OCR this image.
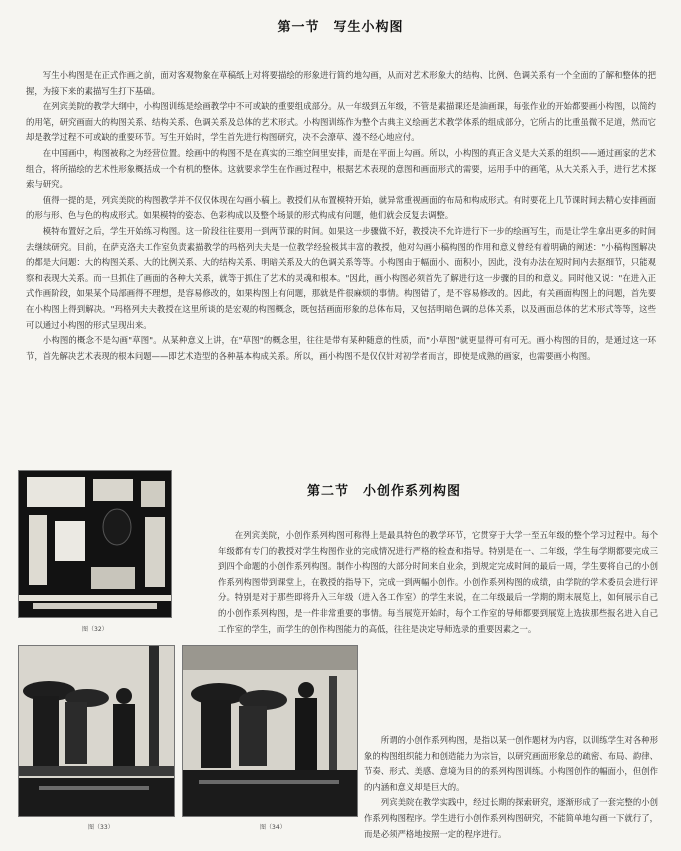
第一节 写生小构图

写生小构图是在正式作画之前，面对客观物象在草稿纸上对将要描绘的形象进行简约地勾画，从而对艺术形象大的结构、比例、色调关系有一个全面的了解和整体的把握，为接下来的素描写生打下基础。

在列宾美院的教学大纲中，小构图训练是绘画教学中不可或缺的重要组成部分。从一年级到五年级，不管是素描课还是油画课，每张作业的开始都要画小构图，以简约的用笔，研究画面大的构图关系、结构关系、色调关系及总体的艺术形式。小构图训练作为整个古典主义绘画艺术教学体系的组成部分，它所占的比重虽微不足道，然而它却是教学过程不可或缺的重要环节。写生开始时，学生首先进行构图研究，决不会潦草、漫不经心地应付。

在中国画中，构图被称之为经营位置。绘画中的构图不是在真实的三维空间里安排，而是在平面上勾画。所以，小构图的真正含义是大关系的组织——通过画家的艺术组合，将所描绘的艺术性形象概括成一个有机的整体。这就要求学生在作画过程中，根据艺术表现的意图和画面形式的需要，运用手中的画笔，从大关系入手，进行艺术探索与研究。

值得一提的是，列宾美院的构图教学并不仅仅体现在勾画小稿上。教授们从布置模特开始，就异常重视画面的布局和构成形式。有时要花上几节课时间去精心安排画面的形与形、色与色的构成形式。如果模特的姿态、色彩构成以及整个场景的形式构成有问题，他们就会反复去调整。

模特布置好之后，学生开始练习构图。这一阶段往往要用一到两节课的时间。如果这一步骤做不好，教授决不允许进行下一步的绘画写生，而是让学生拿出更多的时间去继续研究。目前，在萨克洛夫工作室负责素描教学的玛格列夫夫是一位教学经验极其丰富的教授，他对勾画小稿构图的作用和意义曾经有着明确的阐述："小稿构图解决的都是大问题：大的构图关系、大的比例关系、大的结构关系、明暗关系及大的色调关系等等。小构图由于幅面小、面积小，因此，没有办法在短时间内去抠细节，只能观察和表现大关系。而一旦抓住了画面的各种大关系，就等于抓住了艺术的灵魂和根本。"因此，画小构图必须首先了解进行这一步骤的目的和意义。同时他又说："在进入正式作画阶段，如果某个局部画得不理想，是容易修改的，如果构图上有问题，那就是件很麻烦的事情。构图错了，是不容易修改的。因此，有关画面构图上的问题，首先要在小构图上得到解决。"玛格列夫夫教授在这里所谈的是宏观的构图概念，既包括画面形象的总体布局，又包括明暗色调的总体关系，以及画面总体的艺术形式等等，这些可以通过小构图的形式呈现出来。

小构图的概念不是勾画"草图"。从某种意义上讲，在"草图"的概念里，往往是带有某种随意的性质，而"小草图"就更显得可有可无。画小构图的目的，是通过这一环节，首先解决艺术表现的根本问题——即艺术造型的各种基本构成关系。所以，画小构图不是仅仅针对初学者而言，即使是成熟的画家，也需要画小构图。

图（32）
图（33）	图（34）
第二节 小创作系列构图

在列宾美院，小创作系列构图可称得上是最具特色的教学环节，它贯穿于大学一至五年级的整个学习过程中。每个年级都有专门的教授对学生构图作业的完成情况进行严格的检查和指导。特别是在一、二年级，学生每学期都要完成三到四个命题的小创作系列构图。制作小构图的大部分时间来自业余，到规定完成时间的最后一周，学生要将自己的小创作系列构图带到课堂上，在教授的指导下，完成一到两幅小创作。小创作系列构图的成绩，由学院的学术委员会进行评分。特别是对于那些即将升入三年级（进入各工作室）的学生来说，在二年级最后一学期的期末展览上，如何展示自己的小创作系列构图，是一件非常重要的事情。每当展览开始时，每个工作室的导师都要到展览上选拔那些报名进入自己工作室的学生，而学生的创作构图能力的高低，往往是决定导师选录的重要因素之一。

所谓的小创作系列构图，是指以某一创作题材为内容，以训练学生对各种形象的构图组织能力和创造能力为宗旨，以研究画面形象总的疏密、布局、韵律、节奏、形式、美感、意境为目的的系列构图训练。小构图创作的幅面小，但创作的内涵和意义却是巨大的。

列宾美院在教学实践中，经过长期的探索研究，逐渐形成了一套完整的小创作系列构图程序。学生进行小创作系列构图研究，不能简单地勾画一下就行了，而是必须严格地按照一定的程序进行。
